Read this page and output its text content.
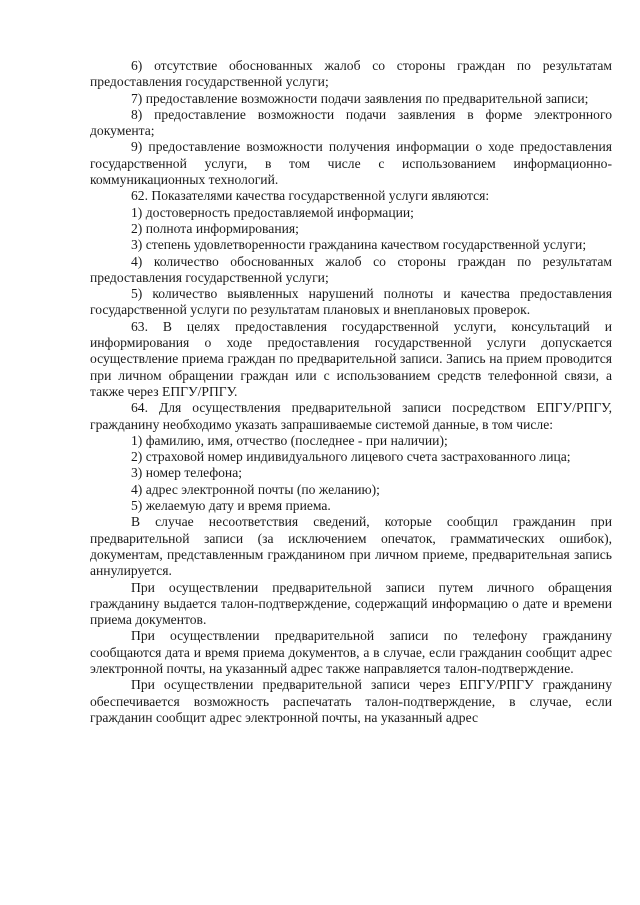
6) отсутствие обоснованных жалоб со стороны граждан по результатам предоставления государственной услуги;

7) предоставление возможности подачи заявления по предварительной записи;

8) предоставление возможности подачи заявления в форме электронного документа;

9) предоставление возможности получения информации о ходе предоставления государственной услуги, в том числе с использованием информационно-коммуникационных технологий.

62. Показателями качества государственной услуги являются:

1) достоверность предоставляемой информации;

2) полнота информирования;

3) степень удовлетворенности гражданина качеством государственной услуги;

4) количество обоснованных жалоб со стороны граждан по результатам предоставления государственной услуги;

5) количество выявленных нарушений полноты и качества предоставления государственной услуги по результатам плановых и внеплановых проверок.

63. В целях предоставления государственной услуги, консультаций и информирования о ходе предоставления государственной услуги допускается осуществление приема граждан по предварительной записи. Запись на прием проводится при личном обращении граждан или с использованием средств телефонной связи, а также через ЕПГУ/РПГУ.

64. Для осуществления предварительной записи посредством ЕПГУ/РПГУ, гражданину необходимо указать запрашиваемые системой данные, в том числе:

1) фамилию, имя, отчество (последнее - при наличии);

2) страховой номер индивидуального лицевого счета застрахованного лица;

3) номер телефона;

4) адрес электронной почты (по желанию);

5) желаемую дату и время приема.

В случае несоответствия сведений, которые сообщил гражданин при предварительной записи (за исключением опечаток, грамматических ошибок), документам, представленным гражданином при личном приеме, предварительная запись аннулируется.

При осуществлении предварительной записи путем личного обращения гражданину выдается талон-подтверждение, содержащий информацию о дате и времени приема документов.

При осуществлении предварительной записи по телефону гражданину сообщаются дата и время приема документов, а в случае, если гражданин сообщит адрес электронной почты, на указанный адрес также направляется талон-подтверждение.

При осуществлении предварительной записи через ЕПГУ/РПГУ гражданину обеспечивается возможность распечатать талон-подтверждение, в случае, если гражданин сообщит адрес электронной почты, на указанный адрес
